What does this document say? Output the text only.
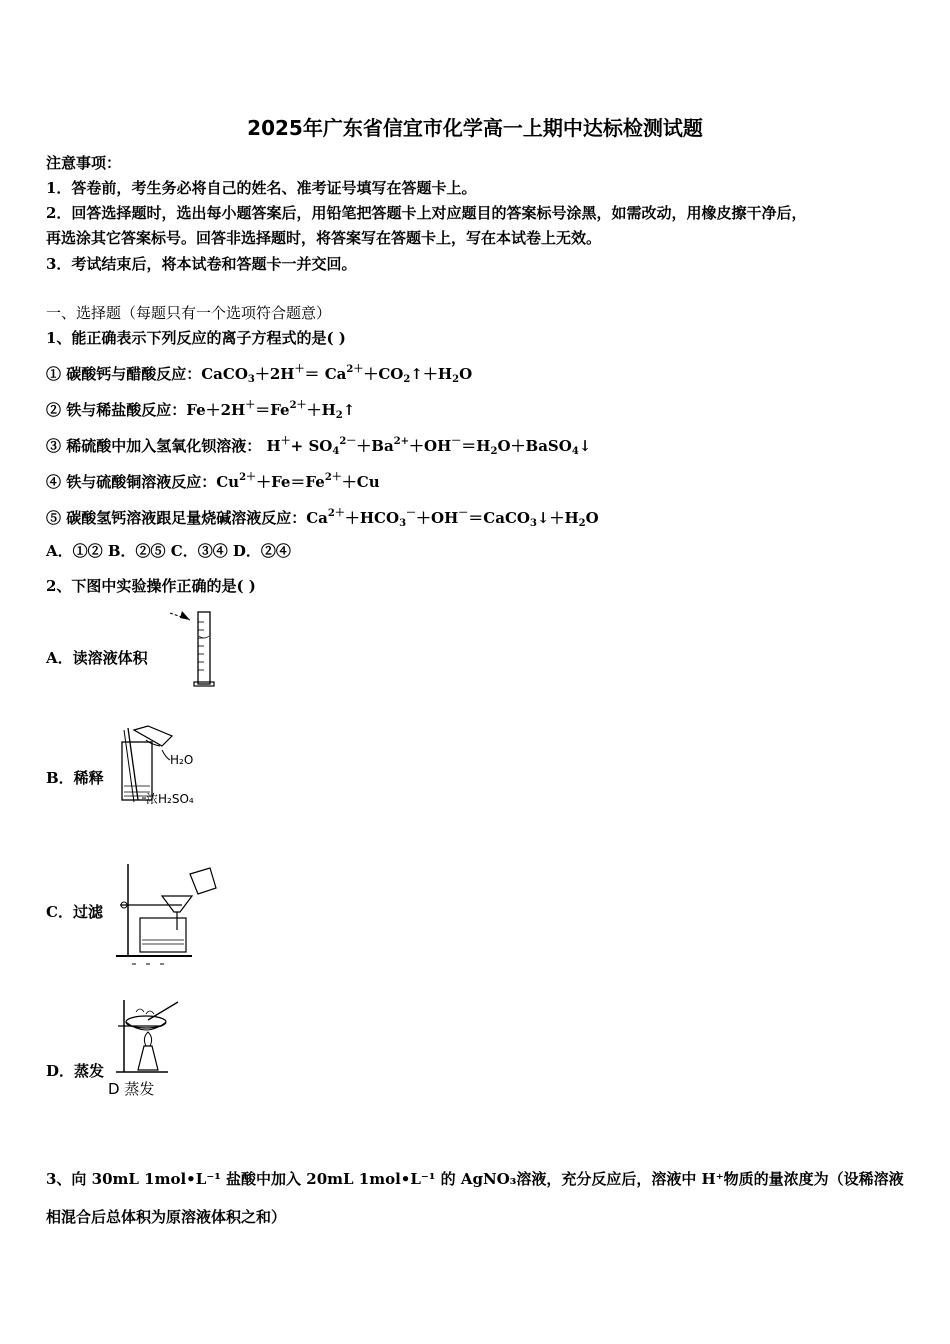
2025年广东省信宜市化学高一上期中达标检测试题
注意事项：
1．答卷前，考生务必将自己的姓名、准考证号填写在答题卡上。
2．回答选择题时，选出每小题答案后，用铅笔把答题卡上对应题目的答案标号涂黑，如需改动，用橡皮擦干净后，
再选涂其它答案标号。回答非选择题时，将答案写在答题卡上，写在本试卷上无效。
3．考试结束后，将本试卷和答题卡一并交回。
一、选择题（每题只有一个选项符合题意）
1、能正确表示下列反应的离子方程式的是( )
① 碳酸钙与醋酸反应：CaCO$_3$＋2H＋＝ $Ca^{2+}+CO_2↑+H_2O$
② 铁与稀盐酸反应：$Fe+2H^+=Fe^{2+}+H_2↑$
③ 稀硫酸中加入氢氧化钡溶液： $H^++ SO_4^{2-}+Ba^{2+}+OH^-=H_2O+BaSO_4↓$
④ 铁与硫酸铜溶液反应：$Cu^{2+}+Fe=Fe^{2+}+Cu$
⑤ 碳酸氢钙溶液跟足量烧碱溶液反应：$Ca^{2+}+HCO_3^-+OH^-=CaCO_3↓+H_2O$
A．①② B．②⑤ C．③④ D．②④
2、下图中实验操作正确的是( )
A．读溶液体积
B．稀释
H₂O
浓H₂SO₄
C．过滤
D．蒸发
D 蒸发
3、向 30mL 1mol•L⁻¹ 盐酸中加入 20mL 1mol•L⁻¹ 的 AgNO₃溶液，充分反应后，溶液中 H⁺物质的量浓度为（设稀溶液
相混合后总体积为原溶液体积之和）
